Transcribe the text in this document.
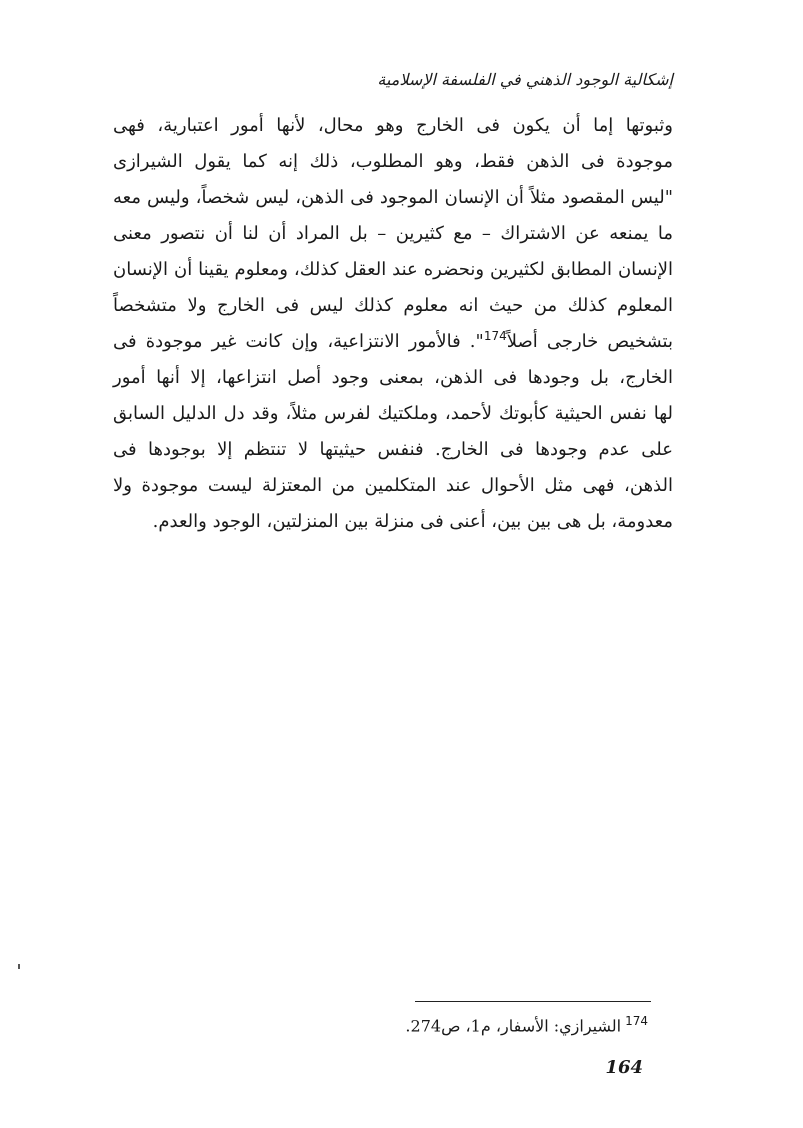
إشكالية الوجود الذهني في الفلسفة الإسلامية

وثبوتها إما أن يكون فى الخارج وهو محال، لأنها أمور اعتبارية، فهى
موجودة فى الذهن فقط، وهو المطلوب، ذلك إنه كما يقول الشيرازى
"ليس المقصود مثلاً أن الإنسان الموجود فى الذهن، ليس شخصاً، وليس معه
ما يمنعه عن الاشتراك – مع كثيرين – بل المراد أن لنا أن نتصور معنى
الإنسان المطابق لكثيرين ونحضره عند العقل كذلك، ومعلوم يقينا أن الإنسان
المعلوم كذلك من حيث انه معلوم كذلك ليس فى الخارج ولا متشخصاً
بتشخيص خارجى أصلاً$^{174}$". فالأمور الانتزاعية، وإن كانت غير موجودة فى
الخارج، بل وجودها فى الذهن، بمعنى وجود أصل انتزاعها، إلا أنها أمور
لها نفس الحيثية كأبوتك لأحمد، وملكتيك لفرس مثلاً، وقد دل الدليل السابق
على عدم وجودها فى الخارج. فنفس حيثيتها لا تنتظم إلا بوجودها فى
الذهن، فهى مثل الأحوال عند المتكلمين من المعتزلة ليست موجودة ولا
معدومة، بل هى بين بين، أعنى فى منزلة بين المنزلتين، الوجود والعدم.

$^{174}$الشيرازي: الأسفار، م1، ص274.
164
